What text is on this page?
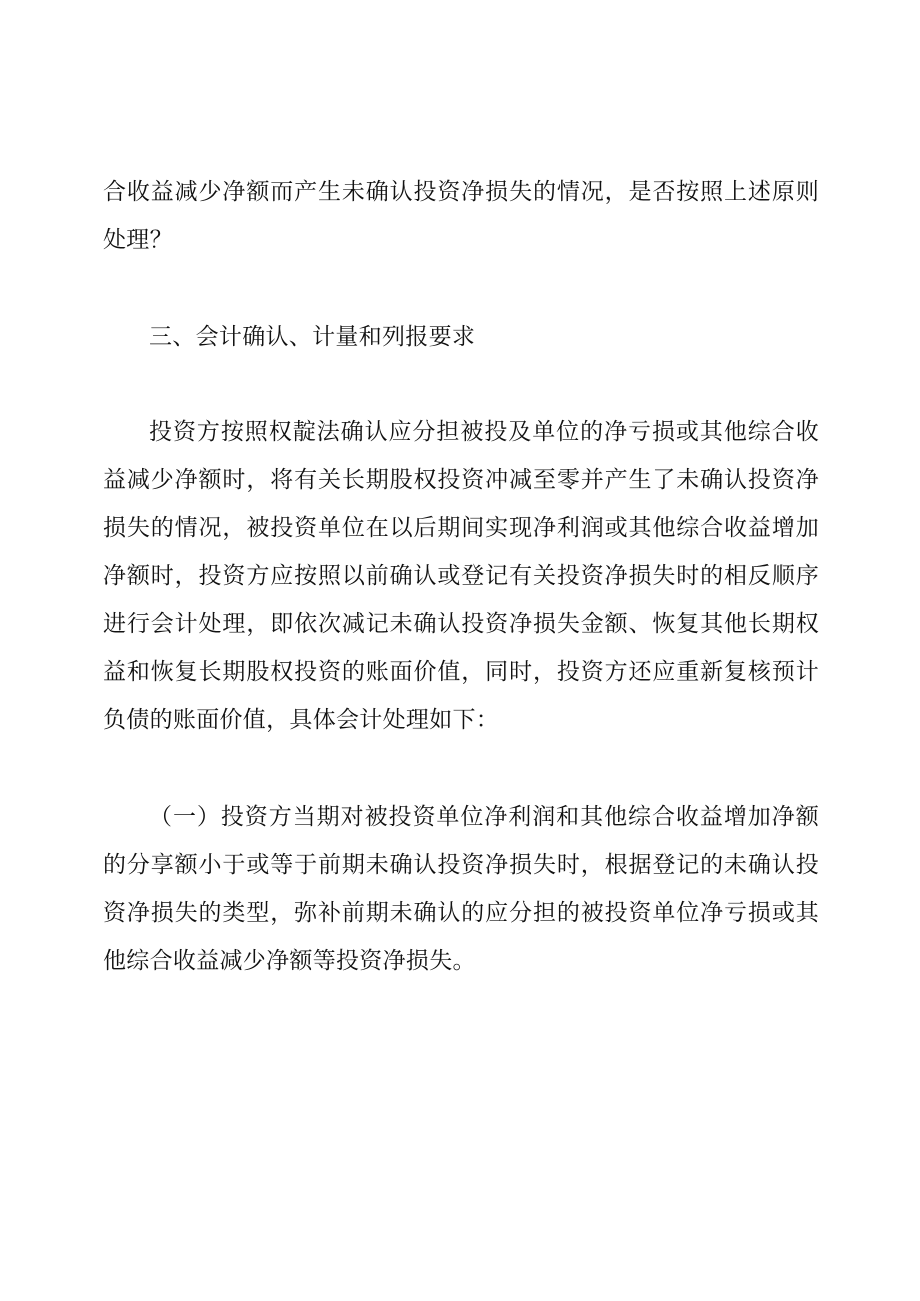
合收益减少净额而产生未确认投资净损失的情况，是否按照上述原则处理？

三、会计确认、计量和列报要求

投资方按照权靛法确认应分担被投及单位的净亏损或其他综合收益减少净额时，将有关长期股权投资冲减至零并产生了未确认投资净损失的情况，被投资单位在以后期间实现净利润或其他综合收益增加净额时，投资方应按照以前确认或登记有关投资净损失时的相反顺序进行会计处理，即依次减记未确认投资净损失金额、恢复其他长期权益和恢复长期股权投资的账面价值，同时，投资方还应重新复核预计负债的账面价值，具体会计处理如下：

（一）投资方当期对被投资单位净利润和其他综合收益增加净额的分享额小于或等于前期未确认投资净损失时，根据登记的未确认投资净损失的类型，弥补前期未确认的应分担的被投资单位净亏损或其他综合收益减少净额等投资净损失。
